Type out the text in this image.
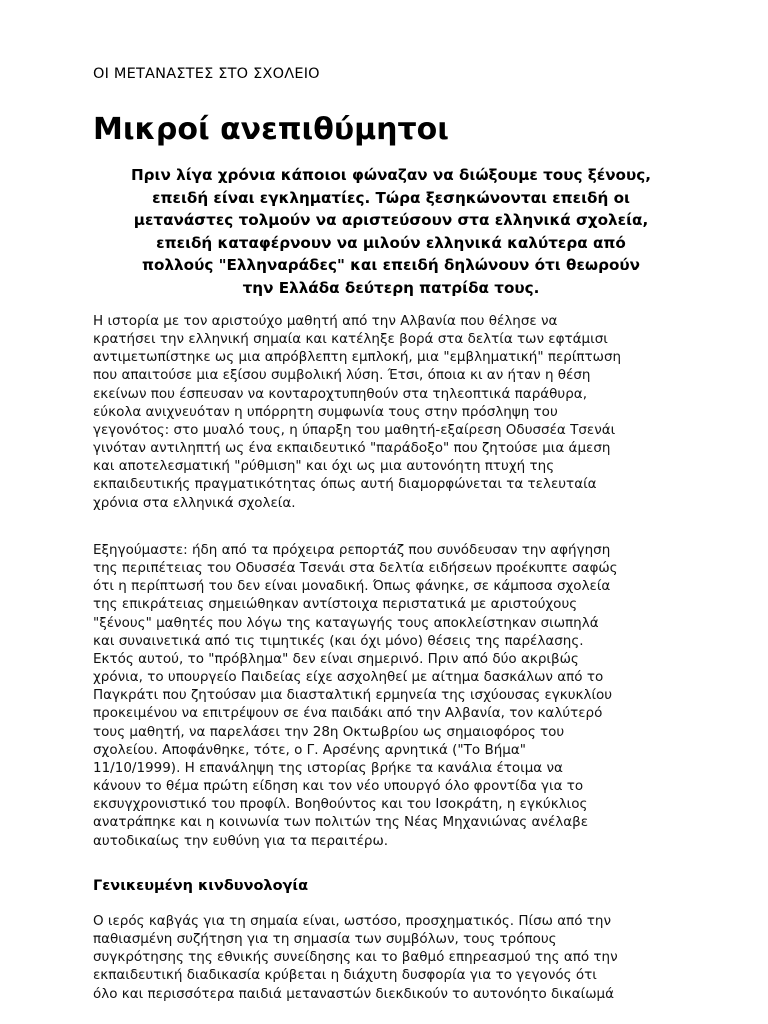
ΟΙ ΜΕΤΑΝΑΣΤΕΣ ΣΤΟ ΣΧΟΛΕΙΟ
Μικροί ανεπιθύμητοι

Πριν λίγα χρόνια κάποιοι φώναζαν να διώξουμε τους ξένους,
επειδή είναι εγκληματίες. Τώρα ξεσηκώνονται επειδή οι
μετανάστες τολμούν να αριστεύσουν στα ελληνικά σχολεία,
επειδή καταφέρνουν να μιλούν ελληνικά καλύτερα από
πολλούς "Ελληναράδες" και επειδή δηλώνουν ότι θεωρούν
την Ελλάδα δεύτερη πατρίδα τους.

Η ιστορία με τον αριστούχο μαθητή από την Αλβανία που θέλησε να
κρατήσει την ελληνική σημαία και κατέληξε βορά στα δελτία των εφτάμισι
αντιμετωπίστηκε ως μια απρόβλεπτη εμπλοκή, μια "εμβληματική" περίπτωση
που απαιτούσε μια εξίσου συμβολική λύση. Έτσι, όποια κι αν ήταν η θέση
εκείνων που έσπευσαν να κονταροχτυπηθούν στα τηλεοπτικά παράθυρα,
εύκολα ανιχνευόταν η υπόρρητη συμφωνία τους στην πρόσληψη του
γεγονότος: στο μυαλό τους, η ύπαρξη του μαθητή-εξαίρεση Οδυσσέα Τσενάι
γινόταν αντιληπτή ως ένα εκπαιδευτικό "παράδοξο" που ζητούσε μια άμεση
και αποτελεσματική "ρύθμιση" και όχι ως μια αυτονόητη πτυχή της
εκπαιδευτικής πραγματικότητας όπως αυτή διαμορφώνεται τα τελευταία
χρόνια στα ελληνικά σχολεία.

Εξηγούμαστε: ήδη από τα πρόχειρα ρεπορτάζ που συνόδευσαν την αφήγηση
της περιπέτειας του Οδυσσέα Τσενάι στα δελτία ειδήσεων προέκυπτε σαφώς
ότι η περίπτωσή του δεν είναι μοναδική. Όπως φάνηκε, σε κάμποσα σχολεία
της επικράτειας σημειώθηκαν αντίστοιχα περιστατικά με αριστούχους
"ξένους" μαθητές που λόγω της καταγωγής τους αποκλείστηκαν σιωπηλά
και συναινετικά από τις τιμητικές (και όχι μόνο) θέσεις της παρέλασης.
Εκτός αυτού, το "πρόβλημα" δεν είναι σημερινό. Πριν από δύο ακριβώς
χρόνια, το υπουργείο Παιδείας είχε ασχοληθεί με αίτημα δασκάλων από το
Παγκράτι που ζητούσαν μια διασταλτική ερμηνεία της ισχύουσας εγκυκλίου
προκειμένου να επιτρέψουν σε ένα παιδάκι από την Αλβανία, τον καλύτερό
τους μαθητή, να παρελάσει την 28η Οκτωβρίου ως σημαιοφόρος του
σχολείου. Αποφάνθηκε, τότε, ο Γ. Αρσένης αρνητικά ("Το Βήμα"
11/10/1999). Η επανάληψη της ιστορίας βρήκε τα κανάλια έτοιμα να
κάνουν το θέμα πρώτη είδηση και τον νέο υπουργό όλο φροντίδα για το
εκσυγχρονιστικό του προφίλ. Βοηθούντος και του Ισοκράτη, η εγκύκλιος
ανατράπηκε και η κοινωνία των πολιτών της Νέας Μηχανιώνας ανέλαβε
αυτοδικαίως την ευθύνη για τα περαιτέρω.

Γενικευμένη κινδυνολογία

Ο ιερός καβγάς για τη σημαία είναι, ωστόσο, προσχηματικός. Πίσω από την
παθιασμένη συζήτηση για τη σημασία των συμβόλων, τους τρόπους
συγκρότησης της εθνικής συνείδησης και το βαθμό επηρεασμού της από την
εκπαιδευτική διαδικασία κρύβεται η διάχυτη δυσφορία για το γεγονός ότι
όλο και περισσότερα παιδιά μεταναστών διεκδικούν το αυτονόητο δικαίωμά
